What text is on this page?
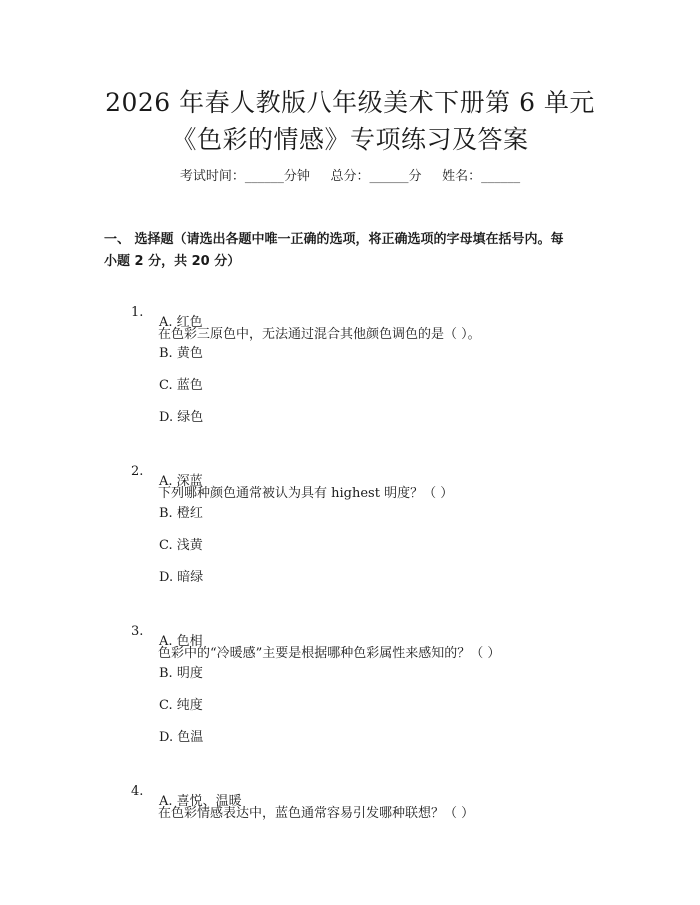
2026 年春人教版八年级美术下册第 6 单元
《色彩的情感》专项练习及答案
考试时间：______分钟     总分：______分     姓名：______
一、 选择题（请选出各题中唯一正确的选项，将正确选项的字母填在括号内。每
小题 2 分，共 20 分）

1.

在色彩三原色中，无法通过混合其他颜色调色的是（ ）。

A. 红色
B. 黄色
C. 蓝色
D. 绿色

2.

下列哪种颜色通常被认为具有 highest 明度？（ ）

A. 深蓝
B. 橙红
C. 浅黄
D. 暗绿

3.

色彩中的“冷暖感”主要是根据哪种色彩属性来感知的？（ ）

A. 色相
B. 明度
C. 纯度
D. 色温

4.

在色彩情感表达中，蓝色通常容易引发哪种联想？（ ）

A. 喜悦、温暖
